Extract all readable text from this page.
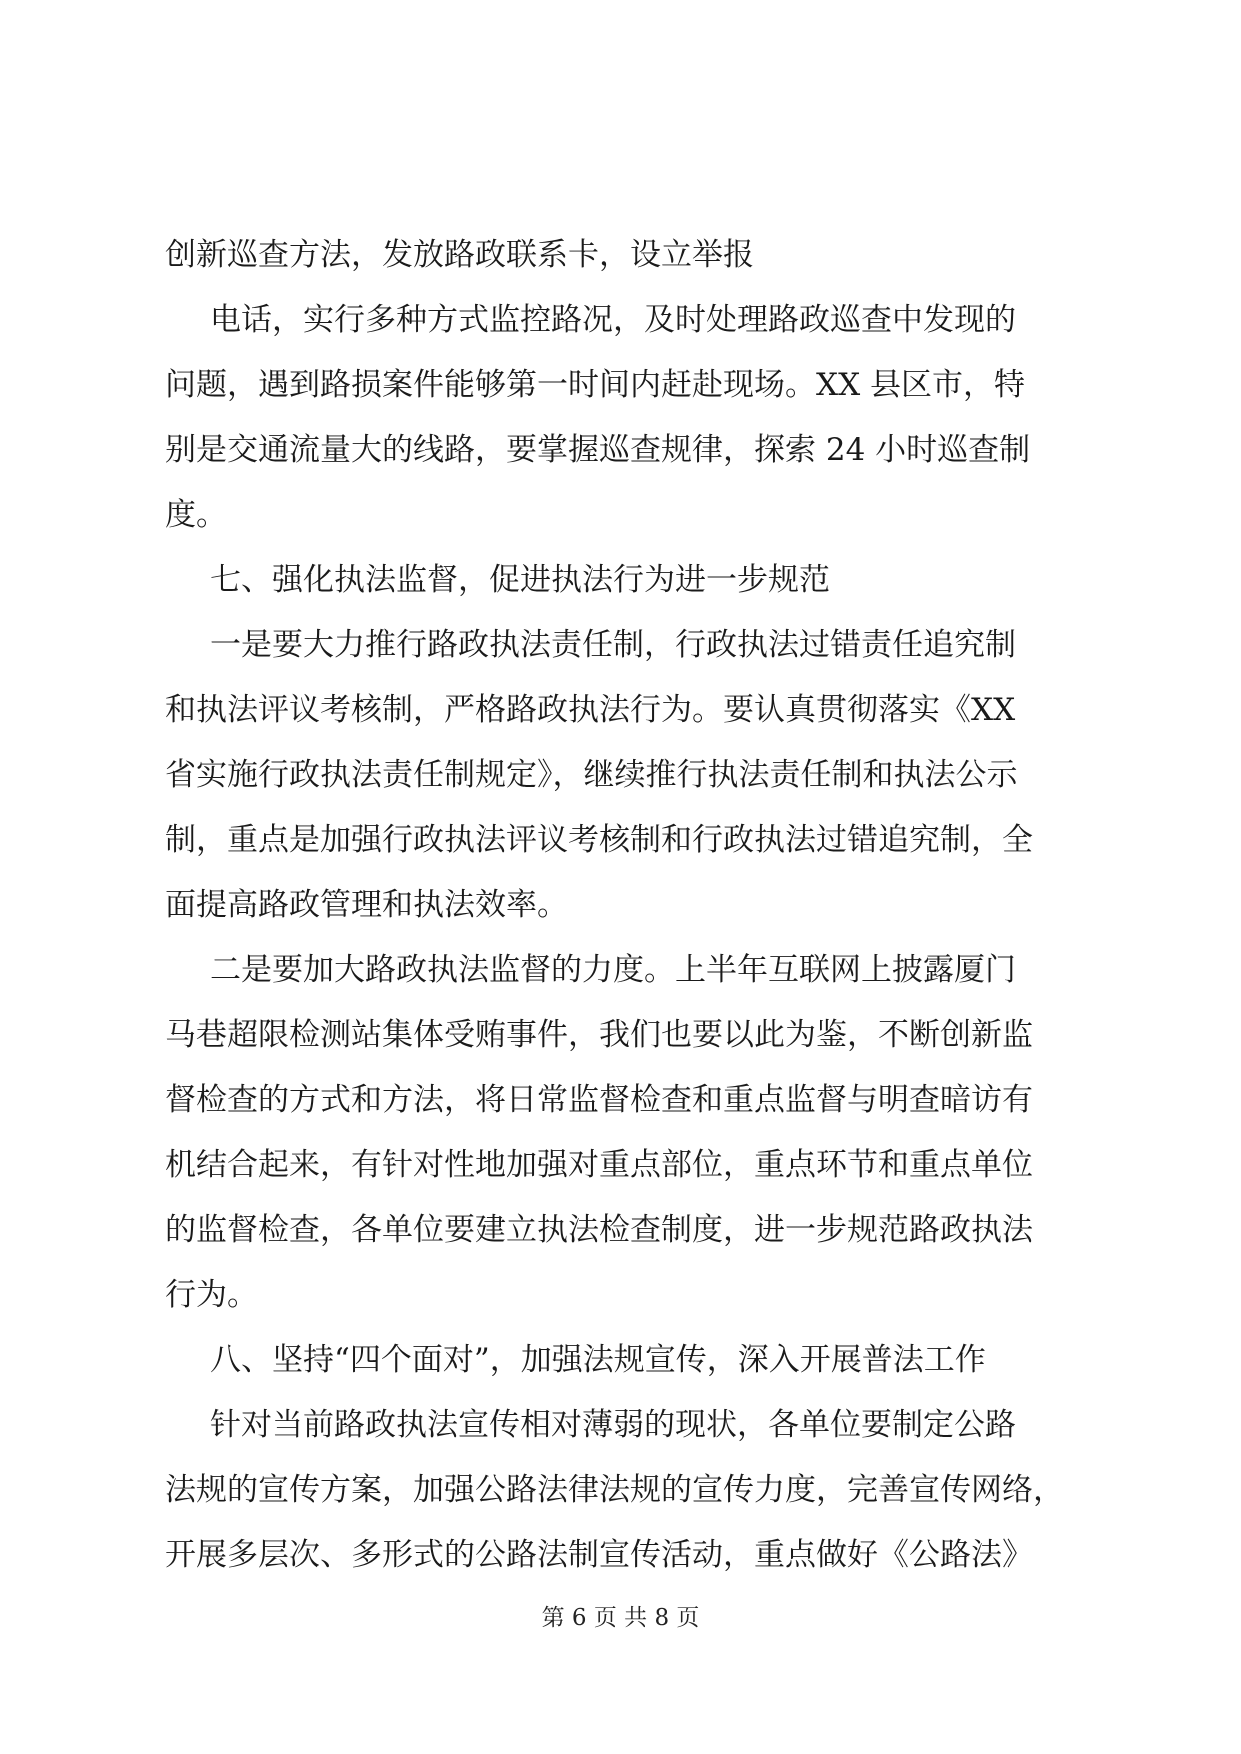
创新巡查方法，发放路政联系卡，设立举报
电话，实行多种方式监控路况，及时处理路政巡查中发现的
问题，遇到路损案件能够第一时间内赶赴现场。XX 县区市，特
别是交通流量大的线路，要掌握巡查规律，探索 24 小时巡查制
度。
七、强化执法监督，促进执法行为进一步规范
一是要大力推行路政执法责任制，行政执法过错责任追究制
和执法评议考核制，严格路政执法行为。要认真贯彻落实《XX
省实施行政执法责任制规定》，继续推行执法责任制和执法公示
制，重点是加强行政执法评议考核制和行政执法过错追究制，全
面提高路政管理和执法效率。
二是要加大路政执法监督的力度。上半年互联网上披露厦门
马巷超限检测站集体受贿事件，我们也要以此为鉴，不断创新监
督检查的方式和方法，将日常监督检查和重点监督与明查暗访有
机结合起来，有针对性地加强对重点部位，重点环节和重点单位
的监督检查，各单位要建立执法检查制度，进一步规范路政执法
行为。
八、坚持“四个面对”，加强法规宣传，深入开展普法工作
针对当前路政执法宣传相对薄弱的现状，各单位要制定公路
法规的宣传方案，加强公路法律法规的宣传力度，完善宣传网络，
开展多层次、多形式的公路法制宣传活动，重点做好《公路法》
第 6 页 共 8 页
